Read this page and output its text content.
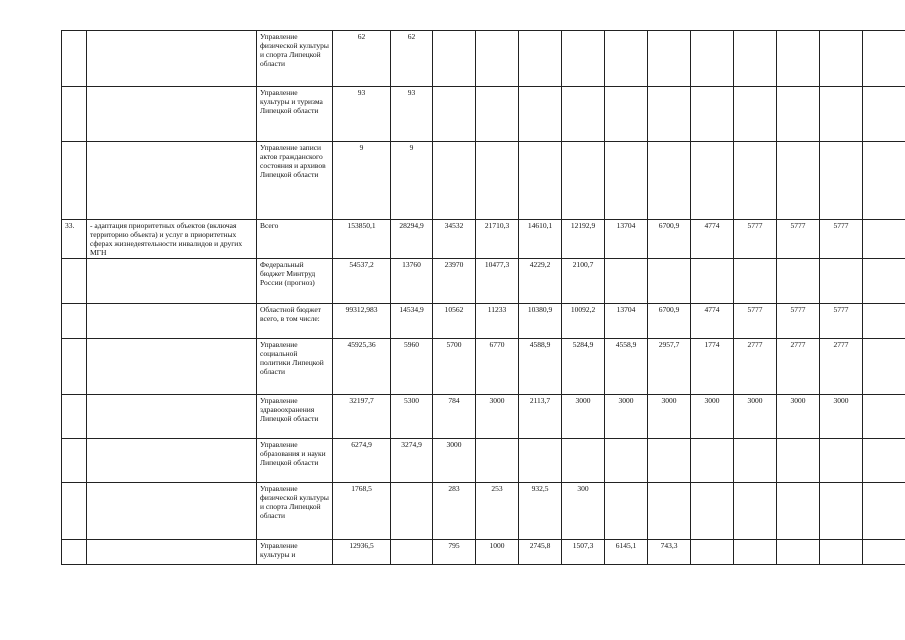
		Управление физической культуры и спорта Липецкой области	62	62											
		Управление культуры и туризма Липецкой области	93	93											
		Управление записи актов гражданского состояния и архивов Липецкой области	9	9											
33.	- адаптация приоритетных объектов (включая территорию объекта) и услуг в приоритетных сферах жизнедеятельности инвалидов и других МГН	Всего	153850,1	28294,9	34532	21710,3	14610,1	12192,9	13704	6700,9	4774	5777	5777	5777	
		Федеральный бюджет Минтруд России (прогноз)	54537,2	13760	23970	10477,3	4229,2	2100,7							
		Областной бюджет всего, в том числе:	99312,983	14534,9	10562	11233	10380,9	10092,2	13704	6700,9	4774	5777	5777	5777	
		Управление социальной политики Липецкой области	45925,36	5960	5700	6770	4588,9	5284,9	4558,9	2957,7	1774	2777	2777	2777	
		Управление здравоохранения Липецкой области	32197,7	5300	784	3000	2113,7	3000	3000	3000	3000	3000	3000	3000	
		Управление образования и науки Липецкой области	6274,9	3274,9	3000										
		Управление физической культуры и спорта Липецкой области	1768,5		283	253	932,5	300							
		Управление культуры и	12936,5		795	1000	2745,8	1507,3	6145,1	743,3					
